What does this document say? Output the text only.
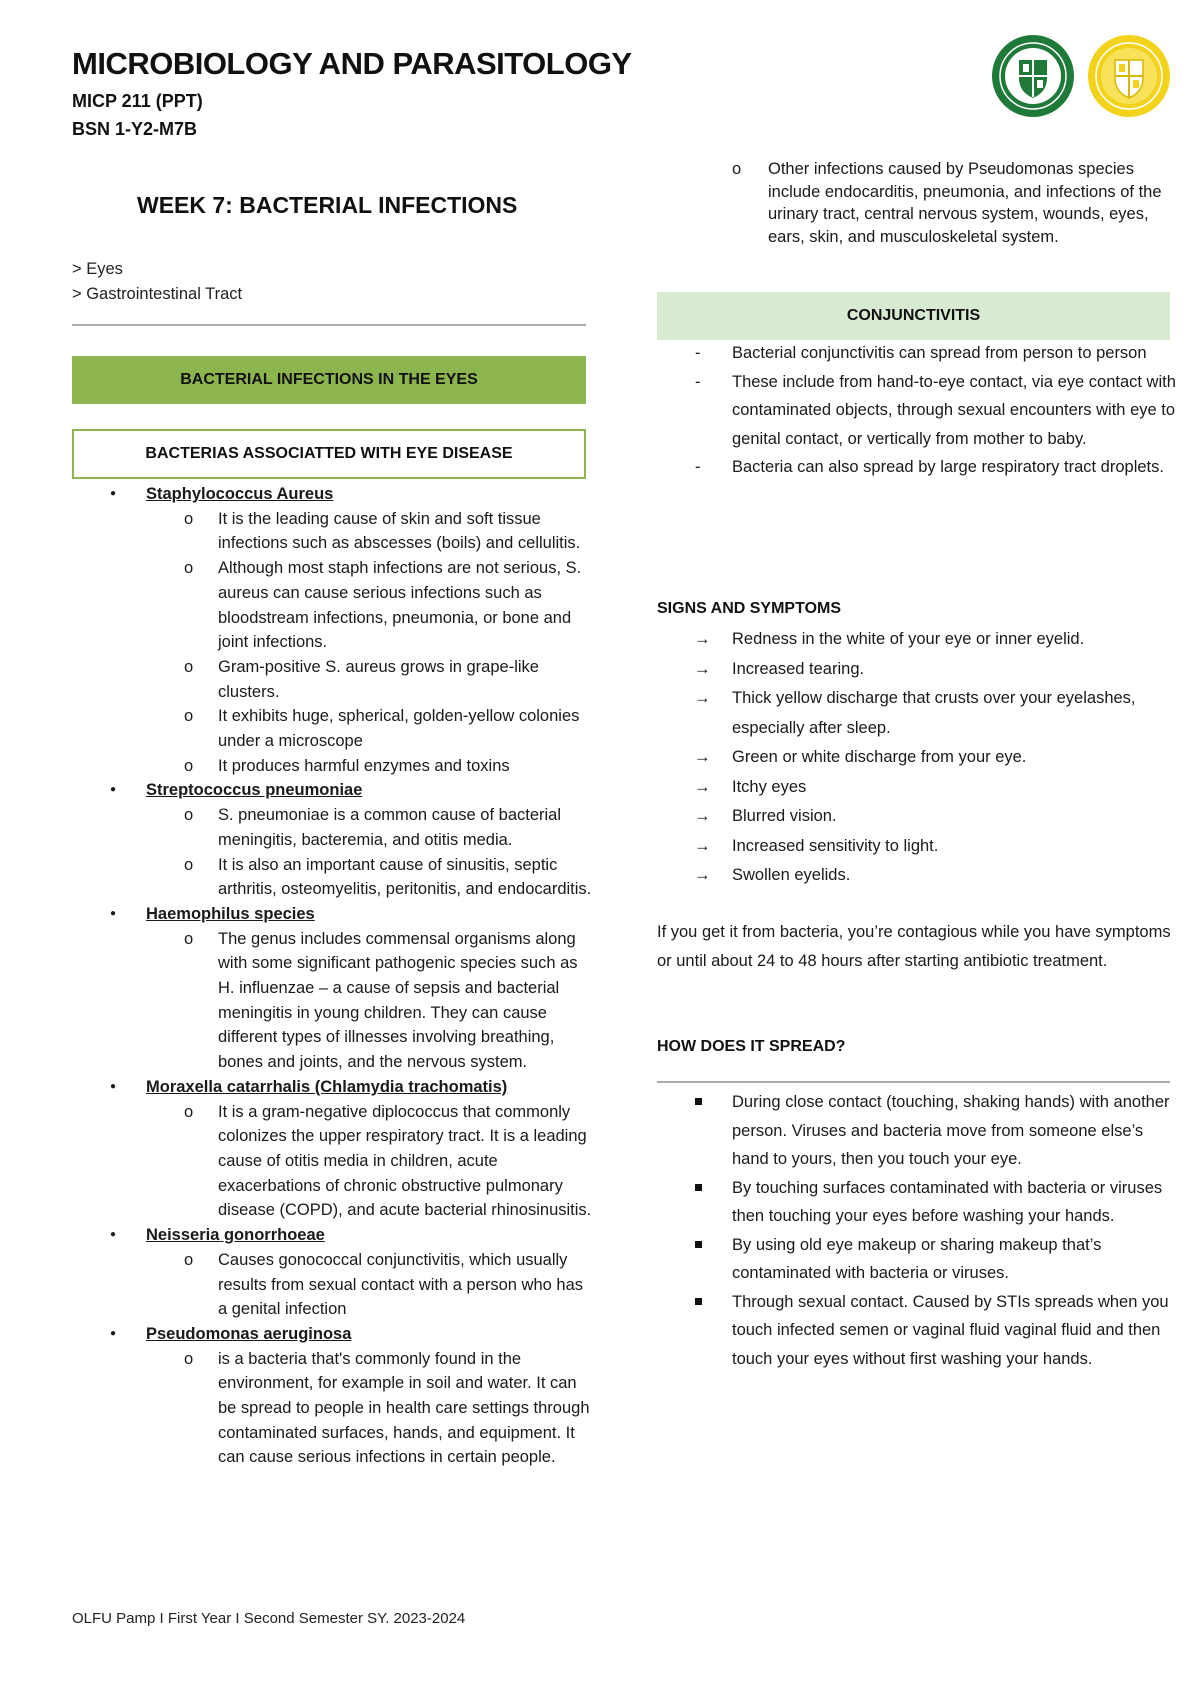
MICROBIOLOGY AND PARASITOLOGY
MICP 211 (PPT)
BSN 1-Y2-M7B
WEEK 7: BACTERIAL INFECTIONS
> Eyes
> Gastrointestinal Tract
BACTERIAL INFECTIONS IN THE EYES
BACTERIAS ASSOCIATTED WITH EYE DISEASE
● Staphylococcus Aureus
o It is the leading cause of skin and soft tissue infections such as abscesses (boils) and cellulitis.
o Although most staph infections are not serious, S. aureus can cause serious infections such as bloodstream infections, pneumonia, or bone and joint infections.
o Gram-positive S. aureus grows in grape-like clusters.
o It exhibits huge, spherical, golden-yellow colonies under a microscope
o It produces harmful enzymes and toxins
● Streptococcus pneumoniae
o S. pneumoniae is a common cause of bacterial meningitis, bacteremia, and otitis media.
o It is also an important cause of sinusitis, septic arthritis, osteomyelitis, peritonitis, and endocarditis.
● Haemophilus species
o The genus includes commensal organisms along with some significant pathogenic species such as H. influenzae – a cause of sepsis and bacterial meningitis in young children. They can cause different types of illnesses involving breathing, bones and joints, and the nervous system.
● Moraxella catarrhalis (Chlamydia trachomatis)
o It is a gram-negative diplococcus that commonly colonizes the upper respiratory tract. It is a leading cause of otitis media in children, acute exacerbations of chronic obstructive pulmonary disease (COPD), and acute bacterial rhinosinusitis.
● Neisseria gonorrhoeae
o Causes gonococcal conjunctivitis, which usually results from sexual contact with a person who has a genital infection
● Pseudomonas aeruginosa
o is a bacteria that's commonly found in the environment, for example in soil and water. It can be spread to people in health care settings through contaminated surfaces, hands, and equipment. It can cause serious infections in certain people.
o Other infections caused by Pseudomonas species include endocarditis, pneumonia, and infections of the urinary tract, central nervous system, wounds, eyes, ears, skin, and musculoskeletal system.
CONJUNCTIVITIS
- Bacterial conjunctivitis can spread from person to person
- These include from hand-to-eye contact, via eye contact with contaminated objects, through sexual encounters with eye to genital contact, or vertically from mother to baby.
- Bacteria can also spread by large respiratory tract droplets.
SIGNS AND SYMPTOMS
→ Redness in the white of your eye or inner eyelid.
→ Increased tearing.
→ Thick yellow discharge that crusts over your eyelashes, especially after sleep.
→ Green or white discharge from your eye.
→ Itchy eyes
→ Blurred vision.
→ Increased sensitivity to light.
→ Swollen eyelids.
If you get it from bacteria, you’re contagious while you have symptoms or until about 24 to 48 hours after starting antibiotic treatment.
HOW DOES IT SPREAD?
During close contact (touching, shaking hands) with another person. Viruses and bacteria move from someone else’s hand to yours, then you touch your eye.
By touching surfaces contaminated with bacteria or viruses then touching your eyes before washing your hands.
By using old eye makeup or sharing makeup that’s contaminated with bacteria or viruses.
Through sexual contact. Caused by STIs spreads when you touch infected semen or vaginal fluid vaginal fluid and then touch your eyes without first washing your hands.
OLFU Pamp I First Year I Second Semester SY. 2023-2024
